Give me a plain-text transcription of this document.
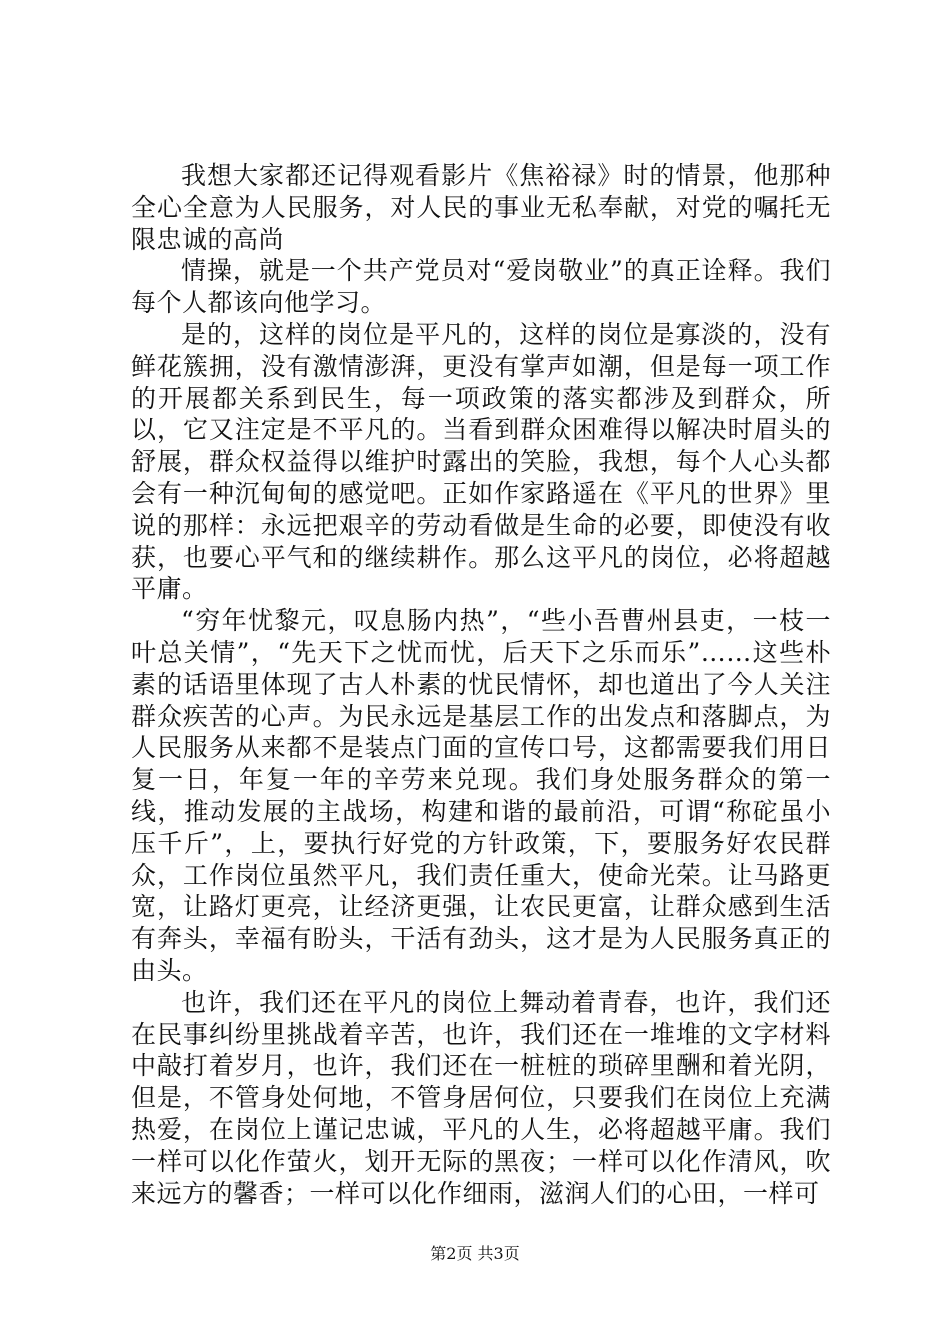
我想大家都还记得观看影片《焦裕禄》时的情景，他那种全心全意为人民服务，对人民的事业无私奉献，对党的嘱托无限忠诚的高尚

情操，就是一个共产党员对“爱岗敬业”的真正诠释。我们每个人都该向他学习。

是的，这样的岗位是平凡的，这样的岗位是寡淡的，没有鲜花簇拥，没有激情澎湃，更没有掌声如潮，但是每一项工作的开展都关系到民生，每一项政策的落实都涉及到群众，所以，它又注定是不平凡的。当看到群众困难得以解决时眉头的舒展，群众权益得以维护时露出的笑脸，我想，每个人心头都会有一种沉甸甸的感觉吧。正如作家路遥在《平凡的世界》里说的那样：永远把艰辛的劳动看做是生命的必要，即使没有收获，也要心平气和的继续耕作。那么这平凡的岗位，必将超越平庸。

“穷年忧黎元，叹息肠内热”，“些小吾曹州县吏，一枝一叶总关情”，“先天下之忧而忧，后天下之乐而乐”……这些朴素的话语里体现了古人朴素的忧民情怀，却也道出了今人关注群众疾苦的心声。为民永远是基层工作的出发点和落脚点，为人民服务从来都不是装点门面的宣传口号，这都需要我们用日复一日，年复一年的辛劳来兑现。我们身处服务群众的第一线，推动发展的主战场，构建和谐的最前沿，可谓“称砣虽小压千斤”，上，要执行好党的方针政策，下，要服务好农民群众，工作岗位虽然平凡，我们责任重大，使命光荣。让马路更宽，让路灯更亮，让经济更强，让农民更富，让群众感到生活有奔头，幸福有盼头，干活有劲头，这才是为人民服务真正的由头。

也许，我们还在平凡的岗位上舞动着青春，也许，我们还在民事纠纷里挑战着辛苦，也许，我们还在一堆堆的文字材料中敲打着岁月，也许，我们还在一桩桩的琐碎里酬和着光阴，但是，不管身处何地，不管身居何位，只要我们在岗位上充满热爱，在岗位上谨记忠诚，平凡的人生，必将超越平庸。我们一样可以化作萤火，划开无际的黑夜；一样可以化作清风，吹来远方的馨香；一样可以化作细雨，滋润人们的心田，一样可

第2页 共3页
